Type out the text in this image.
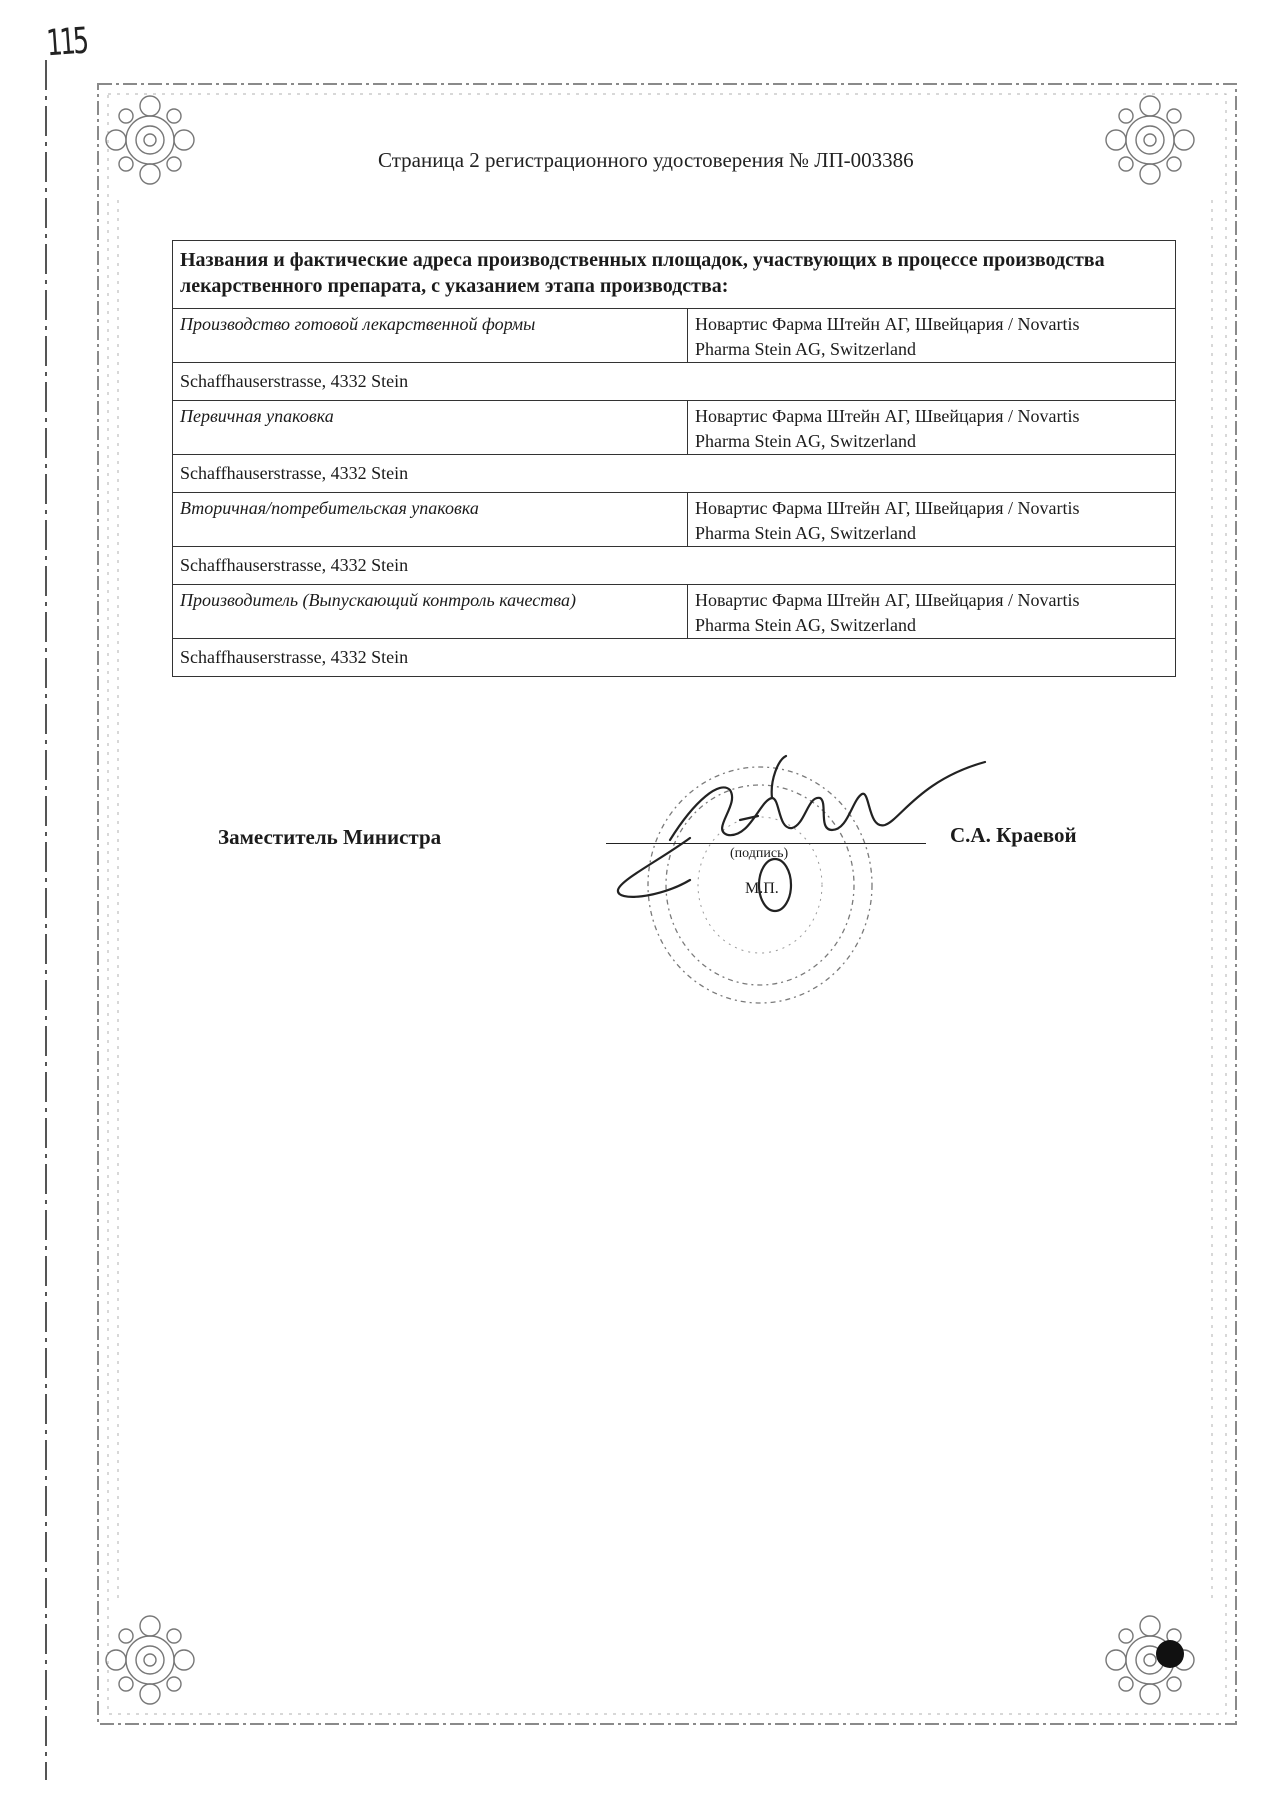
115
Страница 2 регистрационного удостоверения № ЛП-003386
Названия и фактические адреса производственных площадок, участвующих в процессе производства лекарственного препарата, с указанием этапа производства:	
Производство готовой лекарственной формы	Новартис Фарма Штейн АГ, Швейцария / Novartis
Pharma Stein AG, Switzerland

Schaffhauserstrasse, 4332 Stein	
Первичная упаковка	Новартис Фарма Штейн АГ, Швейцария / Novartis
Pharma Stein AG, Switzerland

Schaffhauserstrasse, 4332 Stein	
Вторичная/потребительская упаковка	Новартис Фарма Штейн АГ, Швейцария / Novartis
Pharma Stein AG, Switzerland

Schaffhauserstrasse, 4332 Stein	
Производитель (Выпускающий контроль качества)	Новартис Фарма Штейн АГ, Швейцария / Novartis
Pharma Stein AG, Switzerland

Schaffhauserstrasse, 4332 Stein	
Заместитель Министра
(подпись)
М.П.
С.А. Краевой
